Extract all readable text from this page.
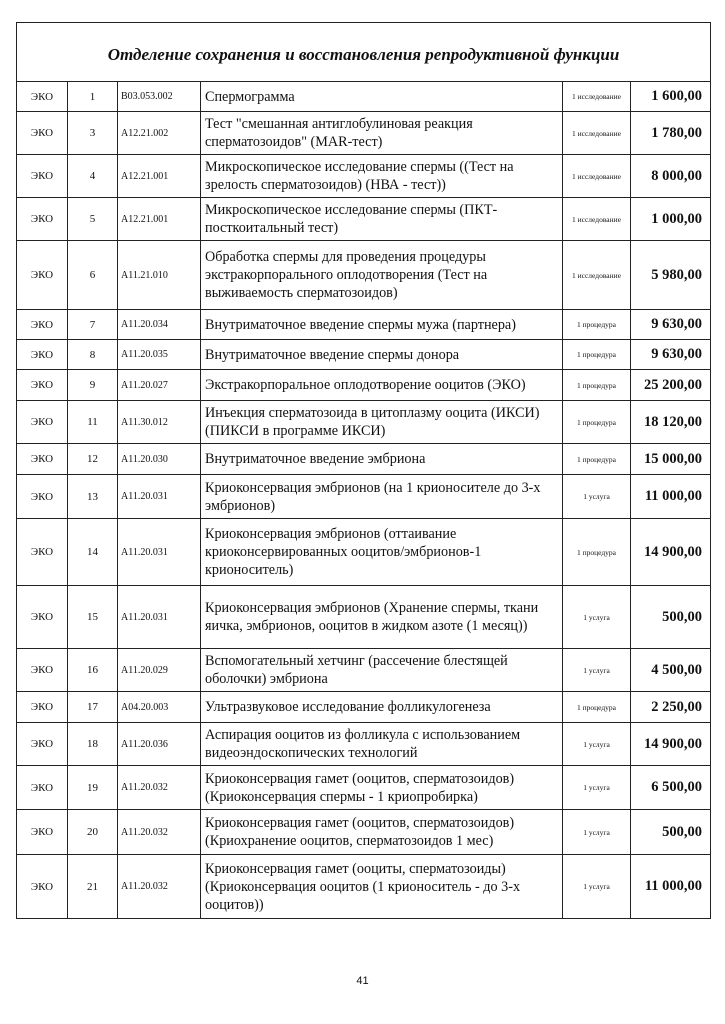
Отделение сохранения и восстановления репродуктивной функции					
ЭКО	1	B03.053.002	Спермограмма	1 исследование	1 600,00
ЭКО	3	A12.21.002	Тест "смешанная антиглобулиновая реакция сперматозоидов" (MAR-тест)	1 исследование	1 780,00
ЭКО	4	A12.21.001	Микроскопическое исследование спермы ((Тест на зрелость сперматозоидов) (НВА - тест))	1 исследование	8 000,00
ЭКО	5	A12.21.001	Микроскопическое исследование спермы (ПКТ-посткоитальный тест)	1 исследование	1 000,00
ЭКО	6	A11.21.010	Обработка спермы для проведения процедуры экстракорпорального оплодотворения (Тест на выживаемость сперматозоидов)	1 исследование	5 980,00
ЭКО	7	A11.20.034	Внутриматочное введение спермы мужа (партнера)	1 процедура	9 630,00
ЭКО	8	A11.20.035	Внутриматочное введение спермы донора	1 процедура	9 630,00
ЭКО	9	A11.20.027	Экстракорпоральное оплодотворение ооцитов (ЭКО)	1 процедура	25 200,00
ЭКО	11	A11.30.012	Инъекция сперматозоида в цитоплазму ооцита (ИКСИ) (ПИКСИ в программе ИКСИ)	1 процедура	18 120,00
ЭКО	12	A11.20.030	Внутриматочное введение эмбриона	1 процедура	15 000,00
ЭКО	13	A11.20.031	Криоконсервация эмбрионов (на 1 крионосителе до 3-х эмбрионов)	1 услуга	11 000,00
ЭКО	14	A11.20.031	Криоконсервация эмбрионов (оттаивание криоконсервированных ооцитов/эмбрионов-1 крионоситель)	1 процедура	14 900,00
ЭКО	15	A11.20.031	Криоконсервация эмбрионов (Хранение спермы, ткани яичка, эмбрионов, ооцитов в жидком азоте (1 месяц))	1 услуга	500,00
ЭКО	16	A11.20.029	Вспомогательный хетчинг (рассечение блестящей оболочки) эмбриона	1 услуга	4 500,00
ЭКО	17	A04.20.003	Ультразвуковое исследование фолликулогенеза	1 процедура	2 250,00
ЭКО	18	A11.20.036	Аспирация ооцитов из фолликула с использованием видеоэндоскопических технологий	1 услуга	14 900,00
ЭКО	19	A11.20.032	Криоконсервация гамет (ооцитов, сперматозоидов) (Криоконсервация спермы - 1 криопробирка)	1 услуга	6 500,00
ЭКО	20	A11.20.032	Криоконсервация гамет (ооцитов, сперматозоидов) (Криохранение ооцитов, сперматозоидов 1 мес)	1 услуга	500,00
ЭКО	21	A11.20.032	Криоконсервация гамет (ооциты, сперматозоиды) (Криоконсервация ооцитов (1 крионоситель - до 3-х ооцитов))	1 услуга	11 000,00
41
